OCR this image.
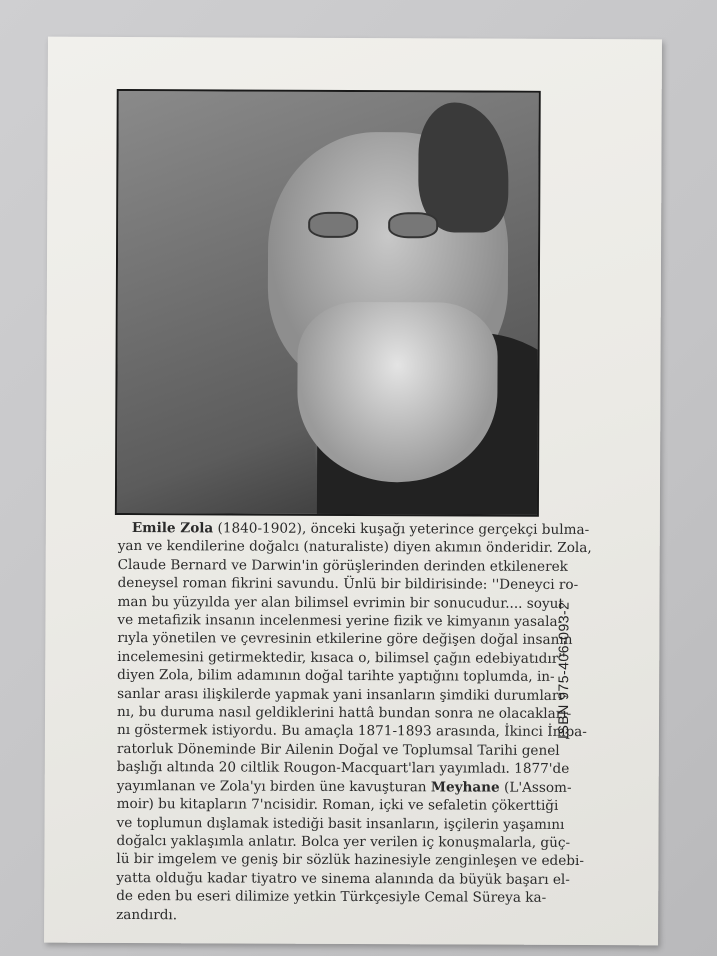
Emile Zola (1840-1902), önceki kuşağı yeterince gerçekçi bulma-
yan ve kendilerine doğalcı (naturaliste) diyen akımın önderidir. Zola,
Claude Bernard ve Darwin'in görüşlerinden derinden etkilenerek
deneysel roman fikrini savundu. Ünlü bir bildirisinde: ''Deneyci ro-
man bu yüzyılda yer alan bilimsel evrimin bir sonucudur.... soyut
ve metafizik insanın incelenmesi yerine fizik ve kimyanın yasala-
rıyla yönetilen ve çevresinin etkilerine göre değişen doğal insanın
incelemesini getirmektedir, kısaca o, bilimsel çağın edebiyatıdır''
diyen Zola, bilim adamının doğal tarihte yaptığını toplumda, in-
sanlar arası ilişkilerde yapmak yani insanların şimdiki durumları-
nı, bu duruma nasıl geldiklerini hattâ bundan sonra ne olacakları-
nı göstermek istiyordu. Bu amaçla 1871-1893 arasında, İkinci İmpa-
ratorluk Döneminde Bir Ailenin Doğal ve Toplumsal Tarihi genel
başlığı altında 20 ciltlik Rougon-Macquart'ları yayımladı. 1877'de
yayımlanan ve Zola'yı birden üne kavuşturan Meyhane (L'Assom-
moir) bu kitapların 7'ncisidir. Roman, içki ve sefaletin çökerttiği
ve toplumun dışlamak istediği basit insanların, işçilerin yaşamını
doğalcı yaklaşımla anlatır. Bolca yer verilen iç konuşmalarla, güç-
lü bir imgelem ve geniş bir sözlük hazinesiyle zenginleşen ve edebi-
yatta olduğu kadar tiyatro ve sinema alanında da büyük başarı el-
de eden bu eseri dilimize yetkin Türkçesiyle Cemal Süreya ka-
zandırdı.
ISBN 975-406-093-2
